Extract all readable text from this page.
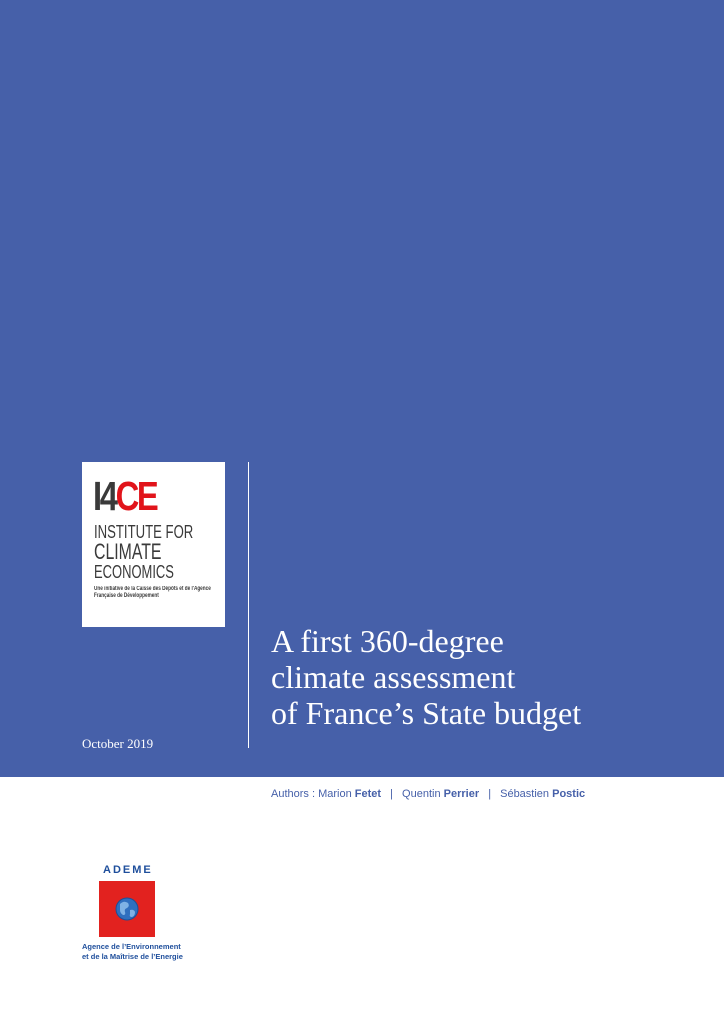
I4CE
INSTITUTE FOR
CLIMATE
ECONOMICS
Une initiative de la Caisse des Dépôts et de l'Agence Française de Développement
A first 360-degree
climate assessment
of France’s State budget
October 2019
Authors : Marion Fetet | Quentin Perrier | Sébastien Postic
ADEME
Agence de l’Environnement
et de la Maîtrise de l’Energie
